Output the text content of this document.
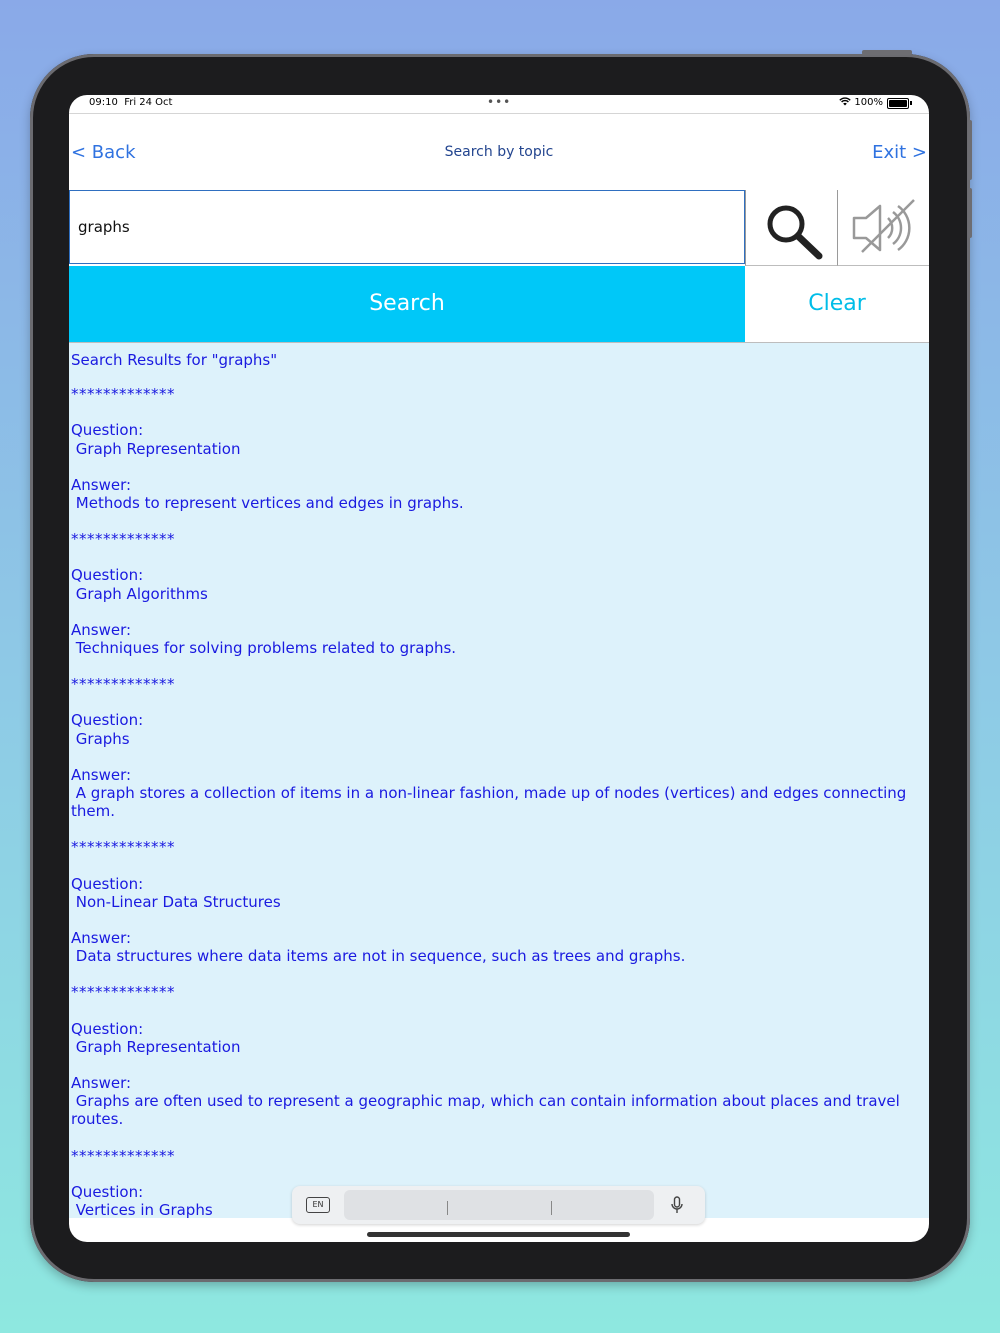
09:10 Fri 24 Oct	•••	100%
< Back	Search by topic	Exit >
graphs
Search	Clear

Search Results for "graphs"

*************

Question:

Graph Representation

Answer:

Methods to represent vertices and edges in graphs.

*************

Question:

Graph Algorithms

Answer:

Techniques for solving problems related to graphs.

*************

Question:

Graphs

Answer:

A graph stores a collection of items in a non-linear fashion, made up of nodes (vertices) and edges connecting them.

*************

Question:

Non-Linear Data Structures

Answer:

Data structures where data items are not in sequence, such as trees and graphs.

*************

Question:

Graph Representation

Answer:

Graphs are often used to represent a geographic map, which can contain information about places and travel routes.

*************

Question:

Vertices in Graphs	EN
